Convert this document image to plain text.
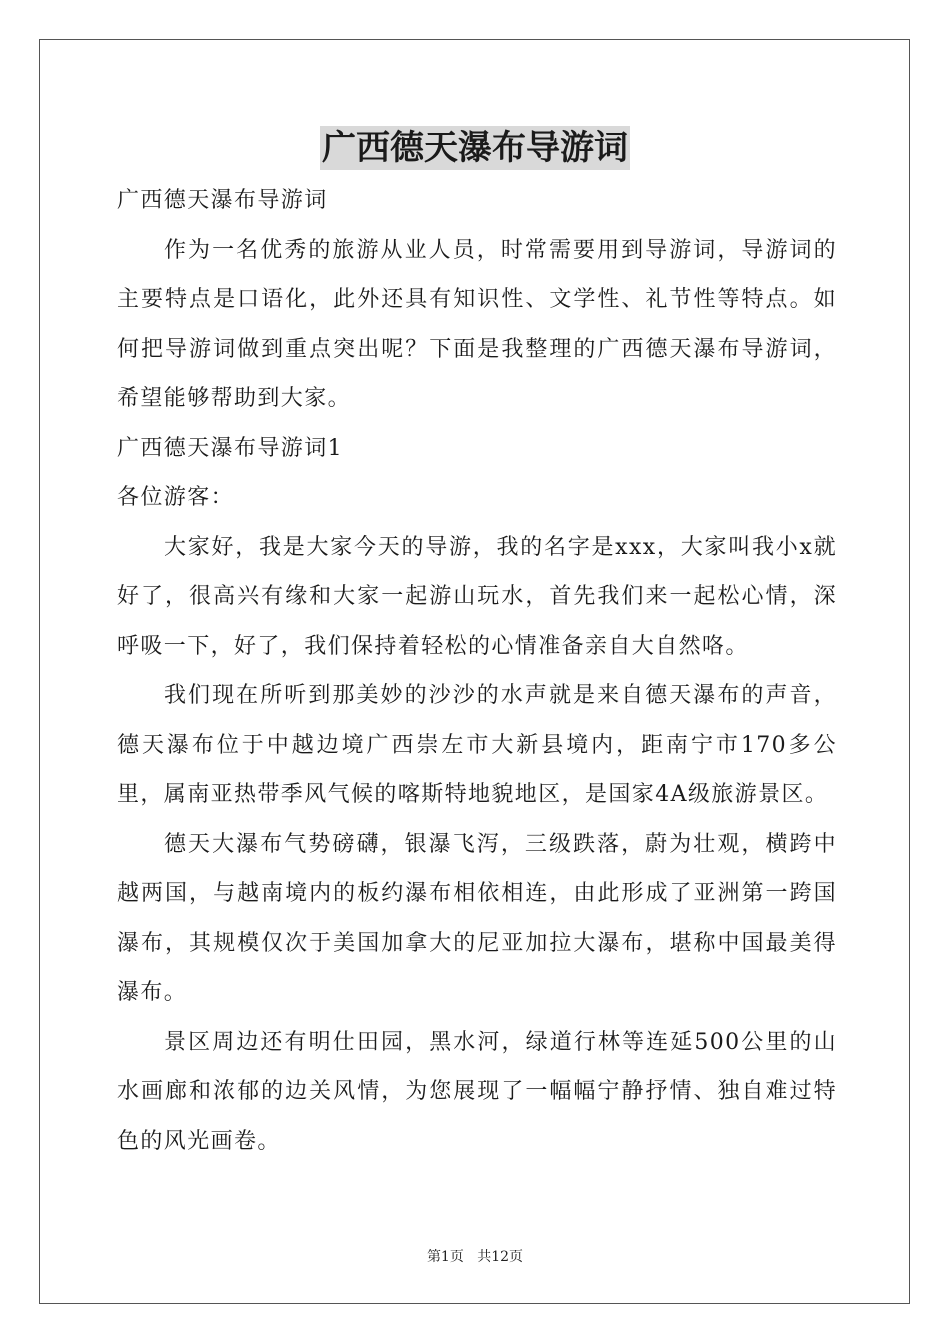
广西德天瀑布导游词

广西德天瀑布导游词

作为一名优秀的旅游从业人员，时常需要用到导游词，导游词的主要特点是口语化，此外还具有知识性、文学性、礼节性等特点。如何把导游词做到重点突出呢？下面是我整理的广西德天瀑布导游词，希望能够帮助到大家。

广西德天瀑布导游词1

各位游客：

大家好，我是大家今天的导游，我的名字是xxx，大家叫我小x就好了，很高兴有缘和大家一起游山玩水，首先我们来一起松心情，深呼吸一下，好了，我们保持着轻松的心情准备亲自大自然咯。

我们现在所听到那美妙的沙沙的水声就是来自德天瀑布的声音，德天瀑布位于中越边境广西崇左市大新县境内，距南宁市170多公里，属南亚热带季风气候的喀斯特地貌地区，是国家4A级旅游景区。

德天大瀑布气势磅礴，银瀑飞泻，三级跌落，蔚为壮观，横跨中越两国，与越南境内的板约瀑布相依相连，由此形成了亚洲第一跨国瀑布，其规模仅次于美国加拿大的尼亚加拉大瀑布，堪称中国最美得瀑布。

景区周边还有明仕田园，黑水河，绿道行林等连延500公里的山水画廊和浓郁的边关风情，为您展现了一幅幅宁静抒情、独自难过特色的风光画卷。

第1页 共12页
